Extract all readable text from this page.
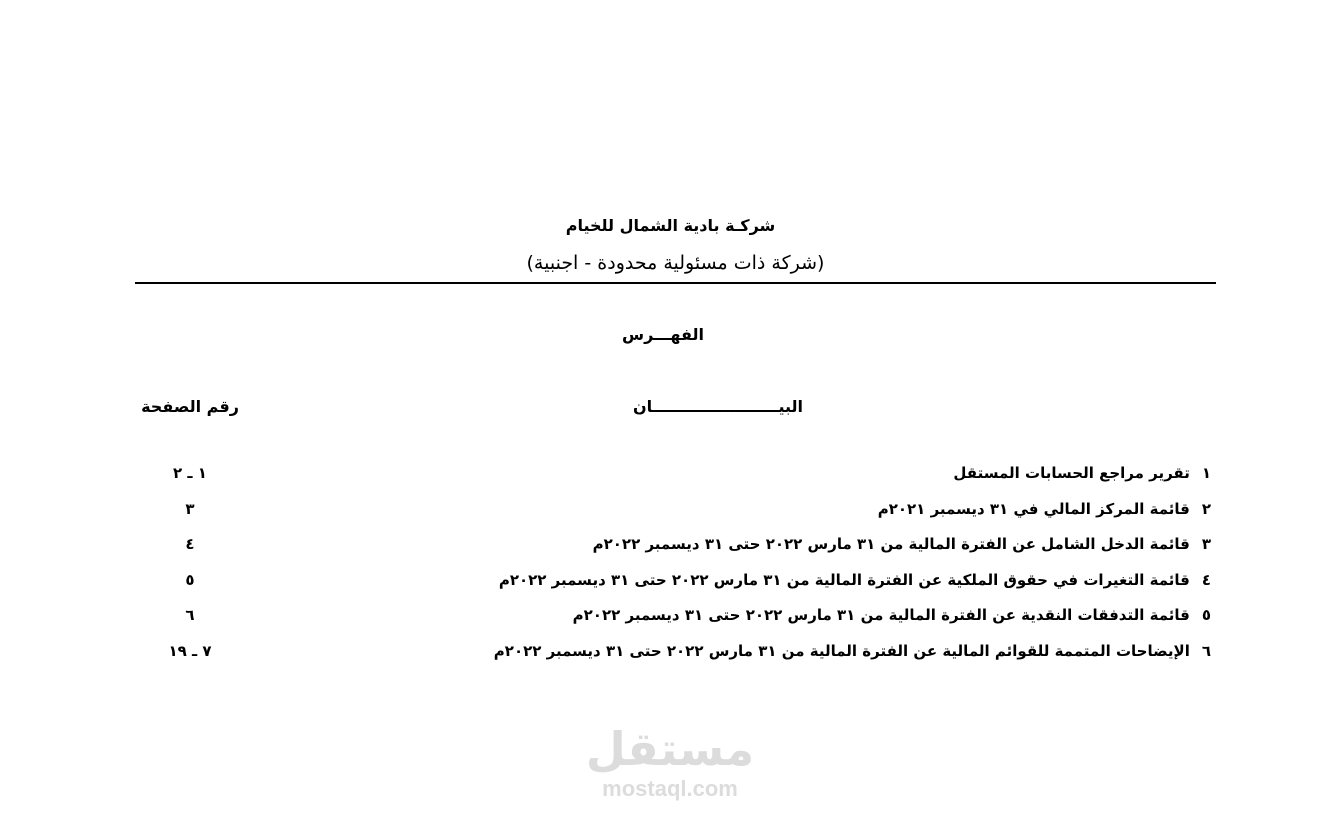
شركـة بادية الشمال للخيام
(شركة ذات مسئولية محدودة - اجنبية)
الفهـــرس
البيـــــــــــــــــــــــان
رقم الصفحة
١تقرير مراجع الحسابات المستقل
١ ـ ٢
٢قائمة المركز المالي في ٣١ ديسمبر ٢٠٢١م
٣
٣قائمة الدخل الشامل عن الفترة المالية من ٣١ مارس ٢٠٢٢ حتى ٣١ ديسمبر ٢٠٢٢م
٤
٤قائمة التغيرات في حقوق الملكية عن الفترة المالية من ٣١ مارس ٢٠٢٢ حتى ٣١ ديسمبر ٢٠٢٢م
٥
٥قائمة التدفقات النقدية عن الفترة المالية من ٣١ مارس ٢٠٢٢ حتى ٣١ ديسمبر ٢٠٢٢م
٦
٦الإيضاحات المتممة للقوائم المالية عن الفترة المالية من ٣١ مارس ٢٠٢٢ حتى ٣١ ديسمبر ٢٠٢٢م
٧ ـ ١٩
مستقل
mostaql.com
